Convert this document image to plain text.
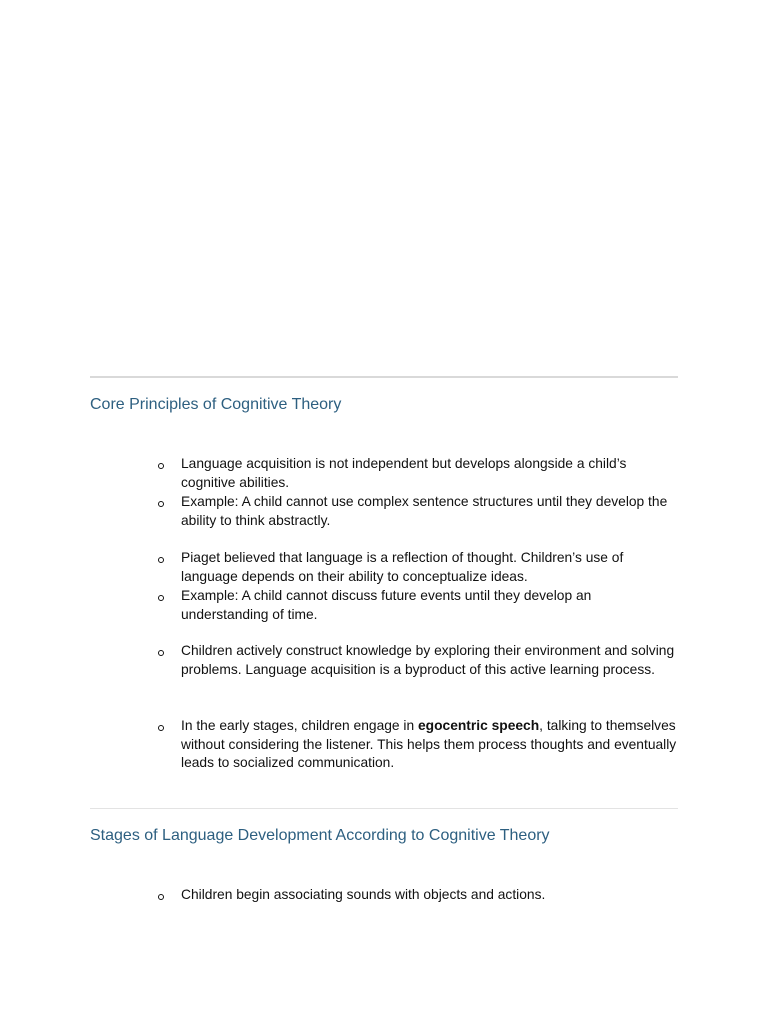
Core Principles of Cognitive Theory
Language acquisition is not independent but develops alongside a child’s cognitive abilities.
Example: A child cannot use complex sentence structures until they develop the ability to think abstractly.
Piaget believed that language is a reflection of thought. Children’s use of language depends on their ability to conceptualize ideas.
Example: A child cannot discuss future events until they develop an understanding of time.
Children actively construct knowledge by exploring their environment and solving problems. Language acquisition is a byproduct of this active learning process.
In the early stages, children engage in egocentric speech, talking to themselves without considering the listener. This helps them process thoughts and eventually leads to socialized communication.
Stages of Language Development According to Cognitive Theory
Children begin associating sounds with objects and actions.
